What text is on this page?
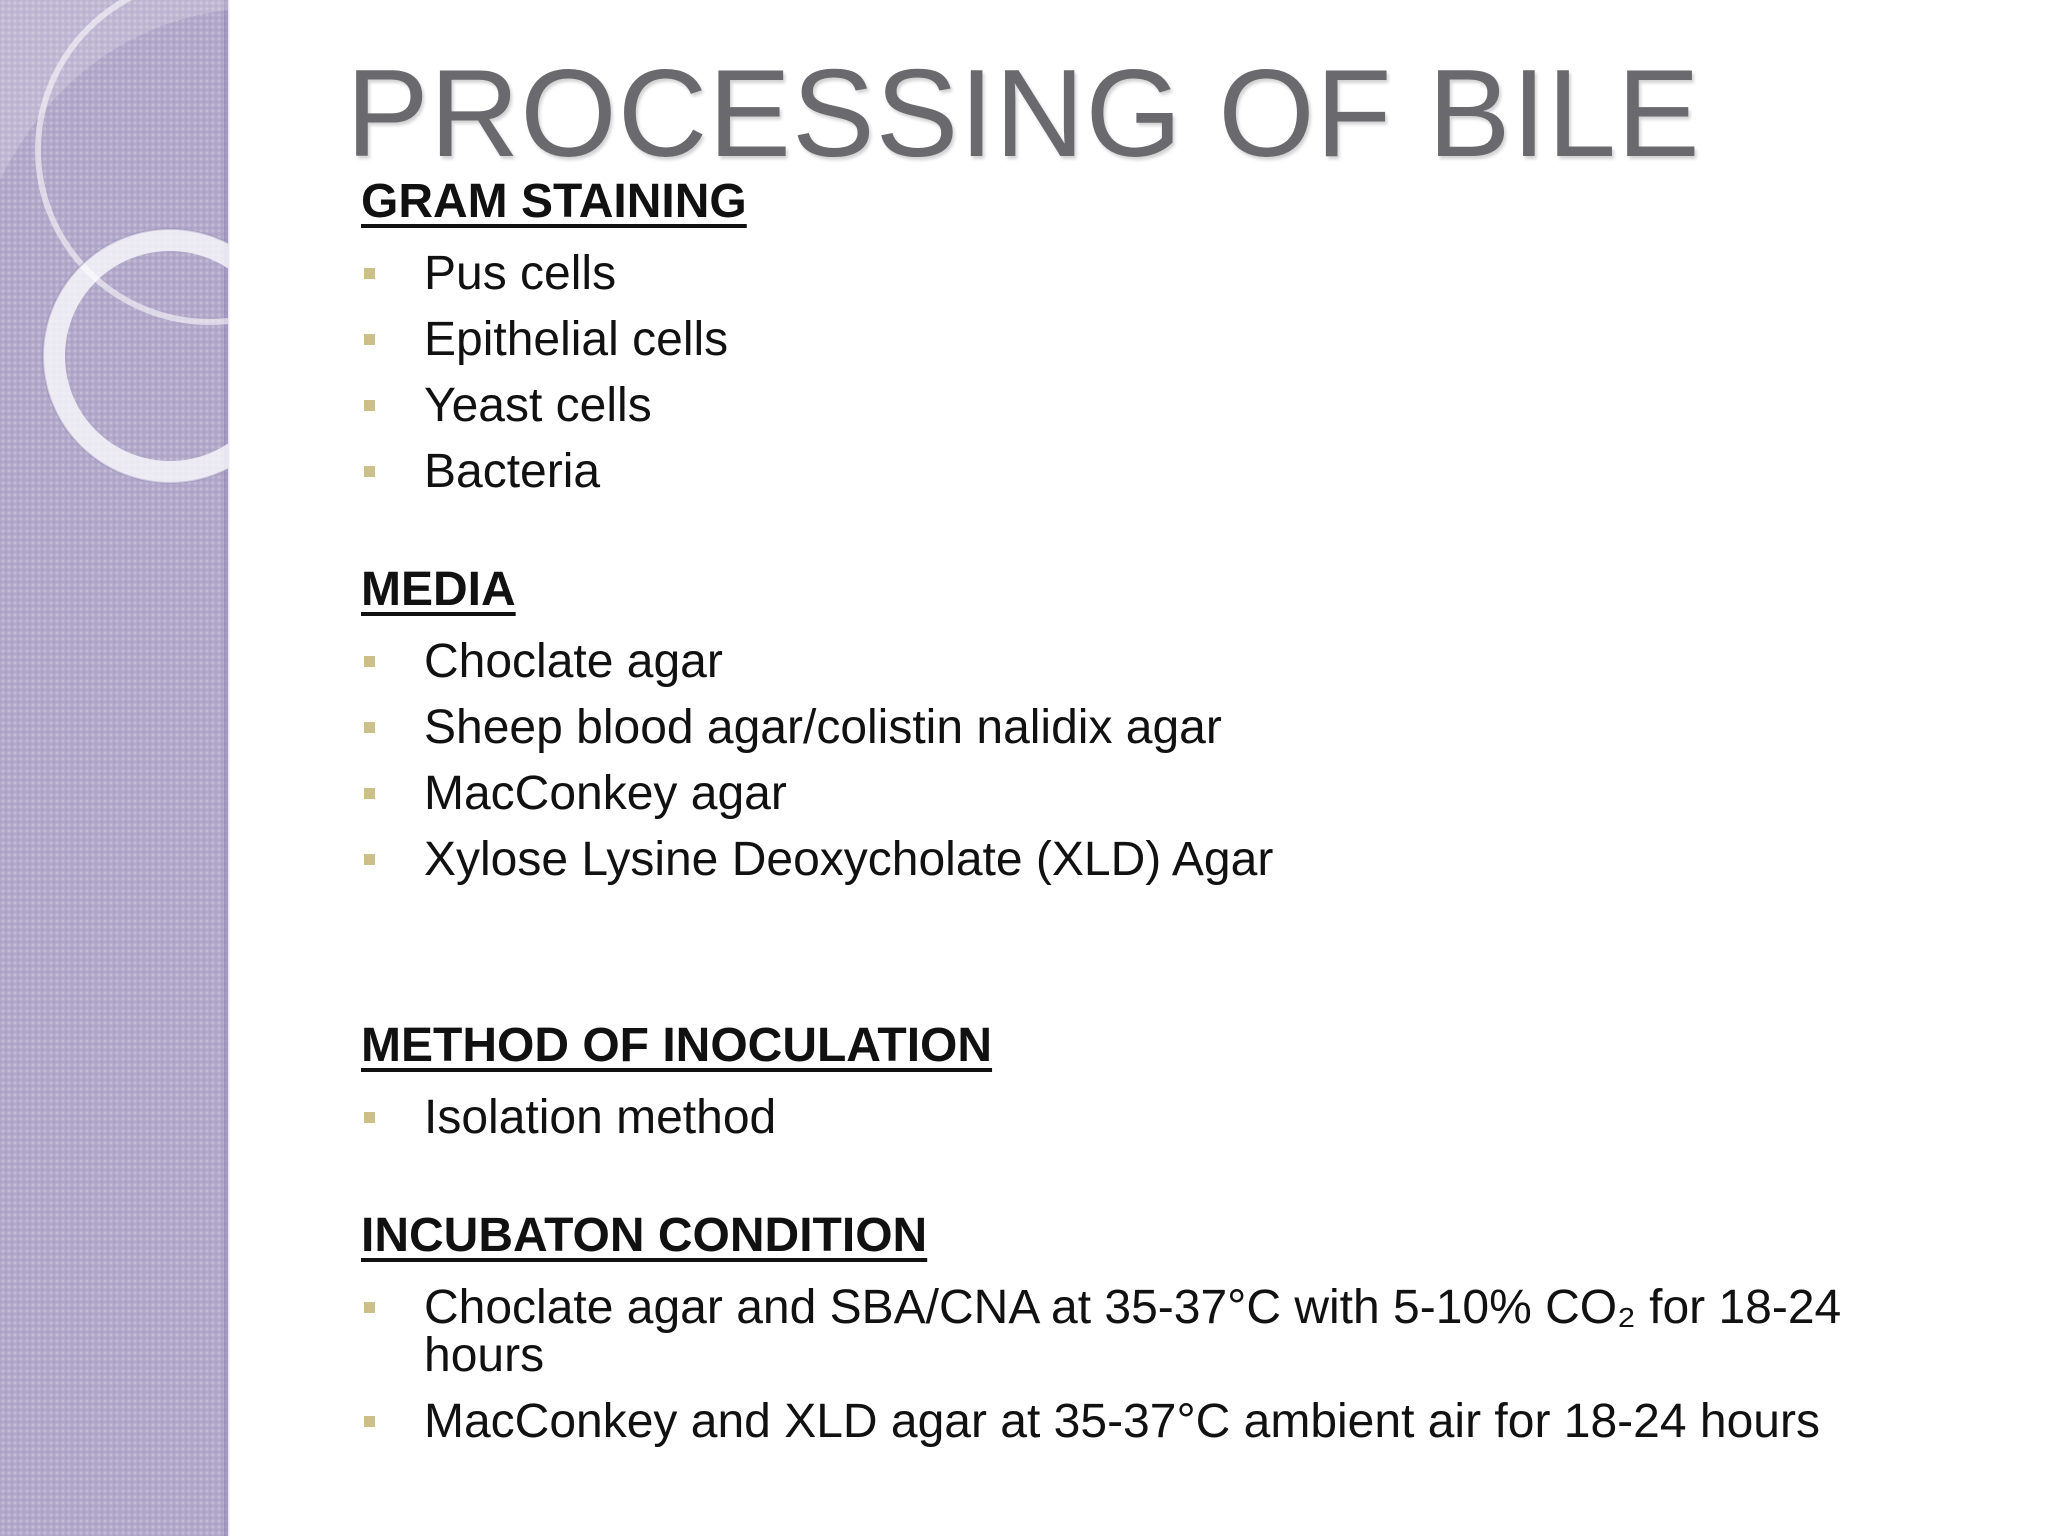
PROCESSING OF BILE
GRAM STAINING
Pus cells
Epithelial cells
Yeast cells
Bacteria
MEDIA
Choclate agar
Sheep blood agar/colistin nalidix agar
MacConkey agar
Xylose Lysine Deoxycholate (XLD) Agar
METHOD OF INOCULATION
Isolation method
INCUBATON CONDITION
Choclate agar and SBA/CNA at 35-37°C with 5-10% CO₂ for 18-24 hours
MacConkey and XLD agar at 35-37°C ambient air for 18-24 hours
